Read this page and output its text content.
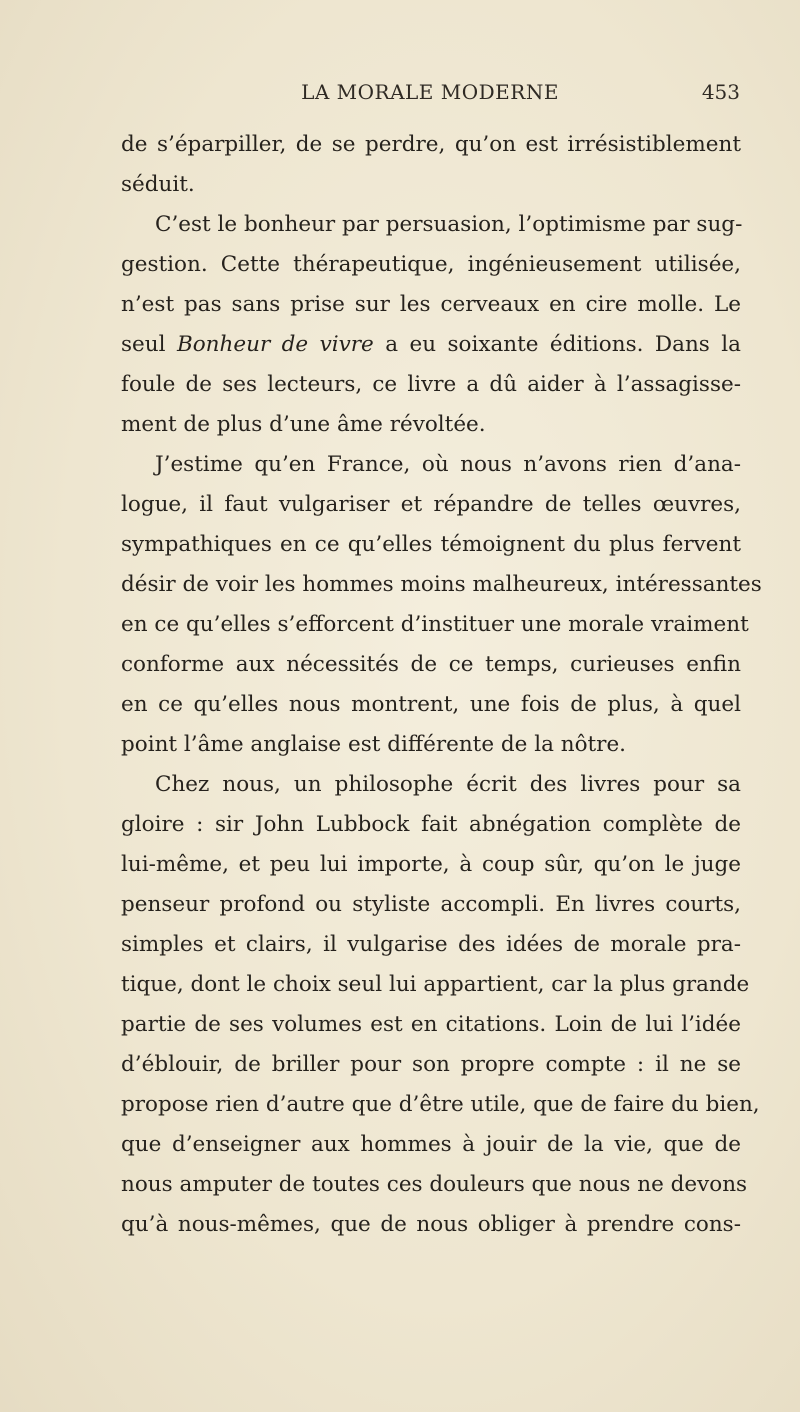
LA MORALE MODERNE	453
de s’éparpiller, de se perdre, qu’on est irrésistiblement
séduit.
C’est le bonheur par persuasion, l’optimisme par sug-
gestion. Cette thérapeutique, ingénieusement utilisée,
n’est pas sans prise sur les cerveaux en cire molle. Le
seul Bonheur de vivre a eu soixante éditions. Dans la
foule de ses lecteurs, ce livre a dû aider à l’assagisse-
ment de plus d’une âme révoltée.
J’estime qu’en France, où nous n’avons rien d’ana-
logue, il faut vulgariser et répandre de telles œuvres,
sympathiques en ce qu’elles témoignent du plus fervent
désir de voir les hommes moins malheureux, intéressantes
en ce qu’elles s’efforcent d’instituer une morale vraiment
conforme aux nécessités de ce temps, curieuses enfin
en ce qu’elles nous montrent, une fois de plus, à quel
point l’âme anglaise est différente de la nôtre.
Chez nous, un philosophe écrit des livres pour sa
gloire : sir John Lubbock fait abnégation complète de
lui-même, et peu lui importe, à coup sûr, qu’on le juge
penseur profond ou styliste accompli. En livres courts,
simples et clairs, il vulgarise des idées de morale pra-
tique, dont le choix seul lui appartient, car la plus grande
partie de ses volumes est en citations. Loin de lui l’idée
d’éblouir, de briller pour son propre compte : il ne se
propose rien d’autre que d’être utile, que de faire du bien,
que d’enseigner aux hommes à jouir de la vie, que de
nous amputer de toutes ces douleurs que nous ne devons
qu’à nous-mêmes, que de nous obliger à prendre cons-
